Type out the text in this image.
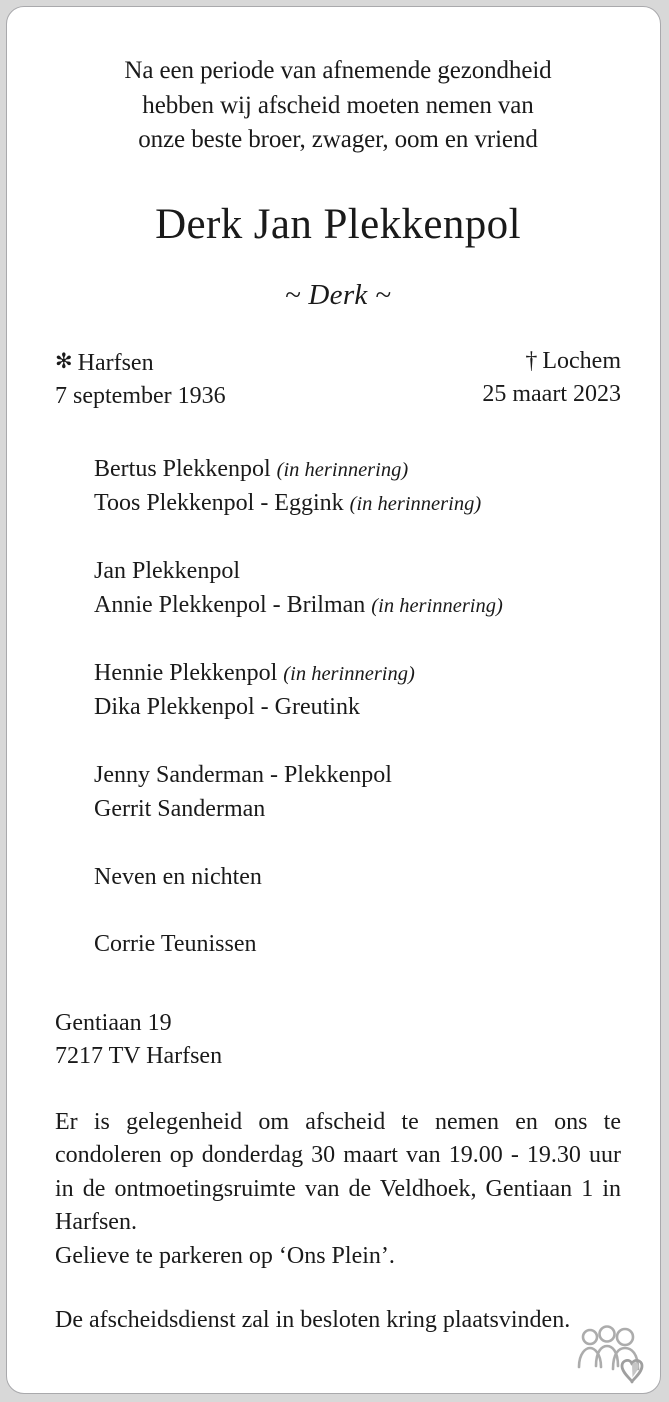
Na een periode van afnemende gezondheid
hebben wij afscheid moeten nemen van
onze beste broer, zwager, oom en vriend
Derk Jan Plekkenpol
~ Derk ~
✻ Harfsen
7 september 1936
† Lochem
25 maart 2023
Bertus Plekkenpol (in herinnering)
Toos Plekkenpol - Eggink (in herinnering)
Jan Plekkenpol
Annie Plekkenpol - Brilman (in herinnering)
Hennie Plekkenpol (in herinnering)
Dika Plekkenpol - Greutink
Jenny Sanderman - Plekkenpol
Gerrit Sanderman
Neven en nichten
Corrie Teunissen
Gentiaan 19
7217 TV Harfsen
Er is gelegenheid om afscheid te nemen en ons te condoleren op donderdag 30 maart van 19.00 - 19.30 uur in de ontmoetingsruimte van de Veldhoek, Gentiaan 1 in Harfsen.
Gelieve te parkeren op ‘Ons Plein’.
De afscheidsdienst zal in besloten kring plaatsvinden.
